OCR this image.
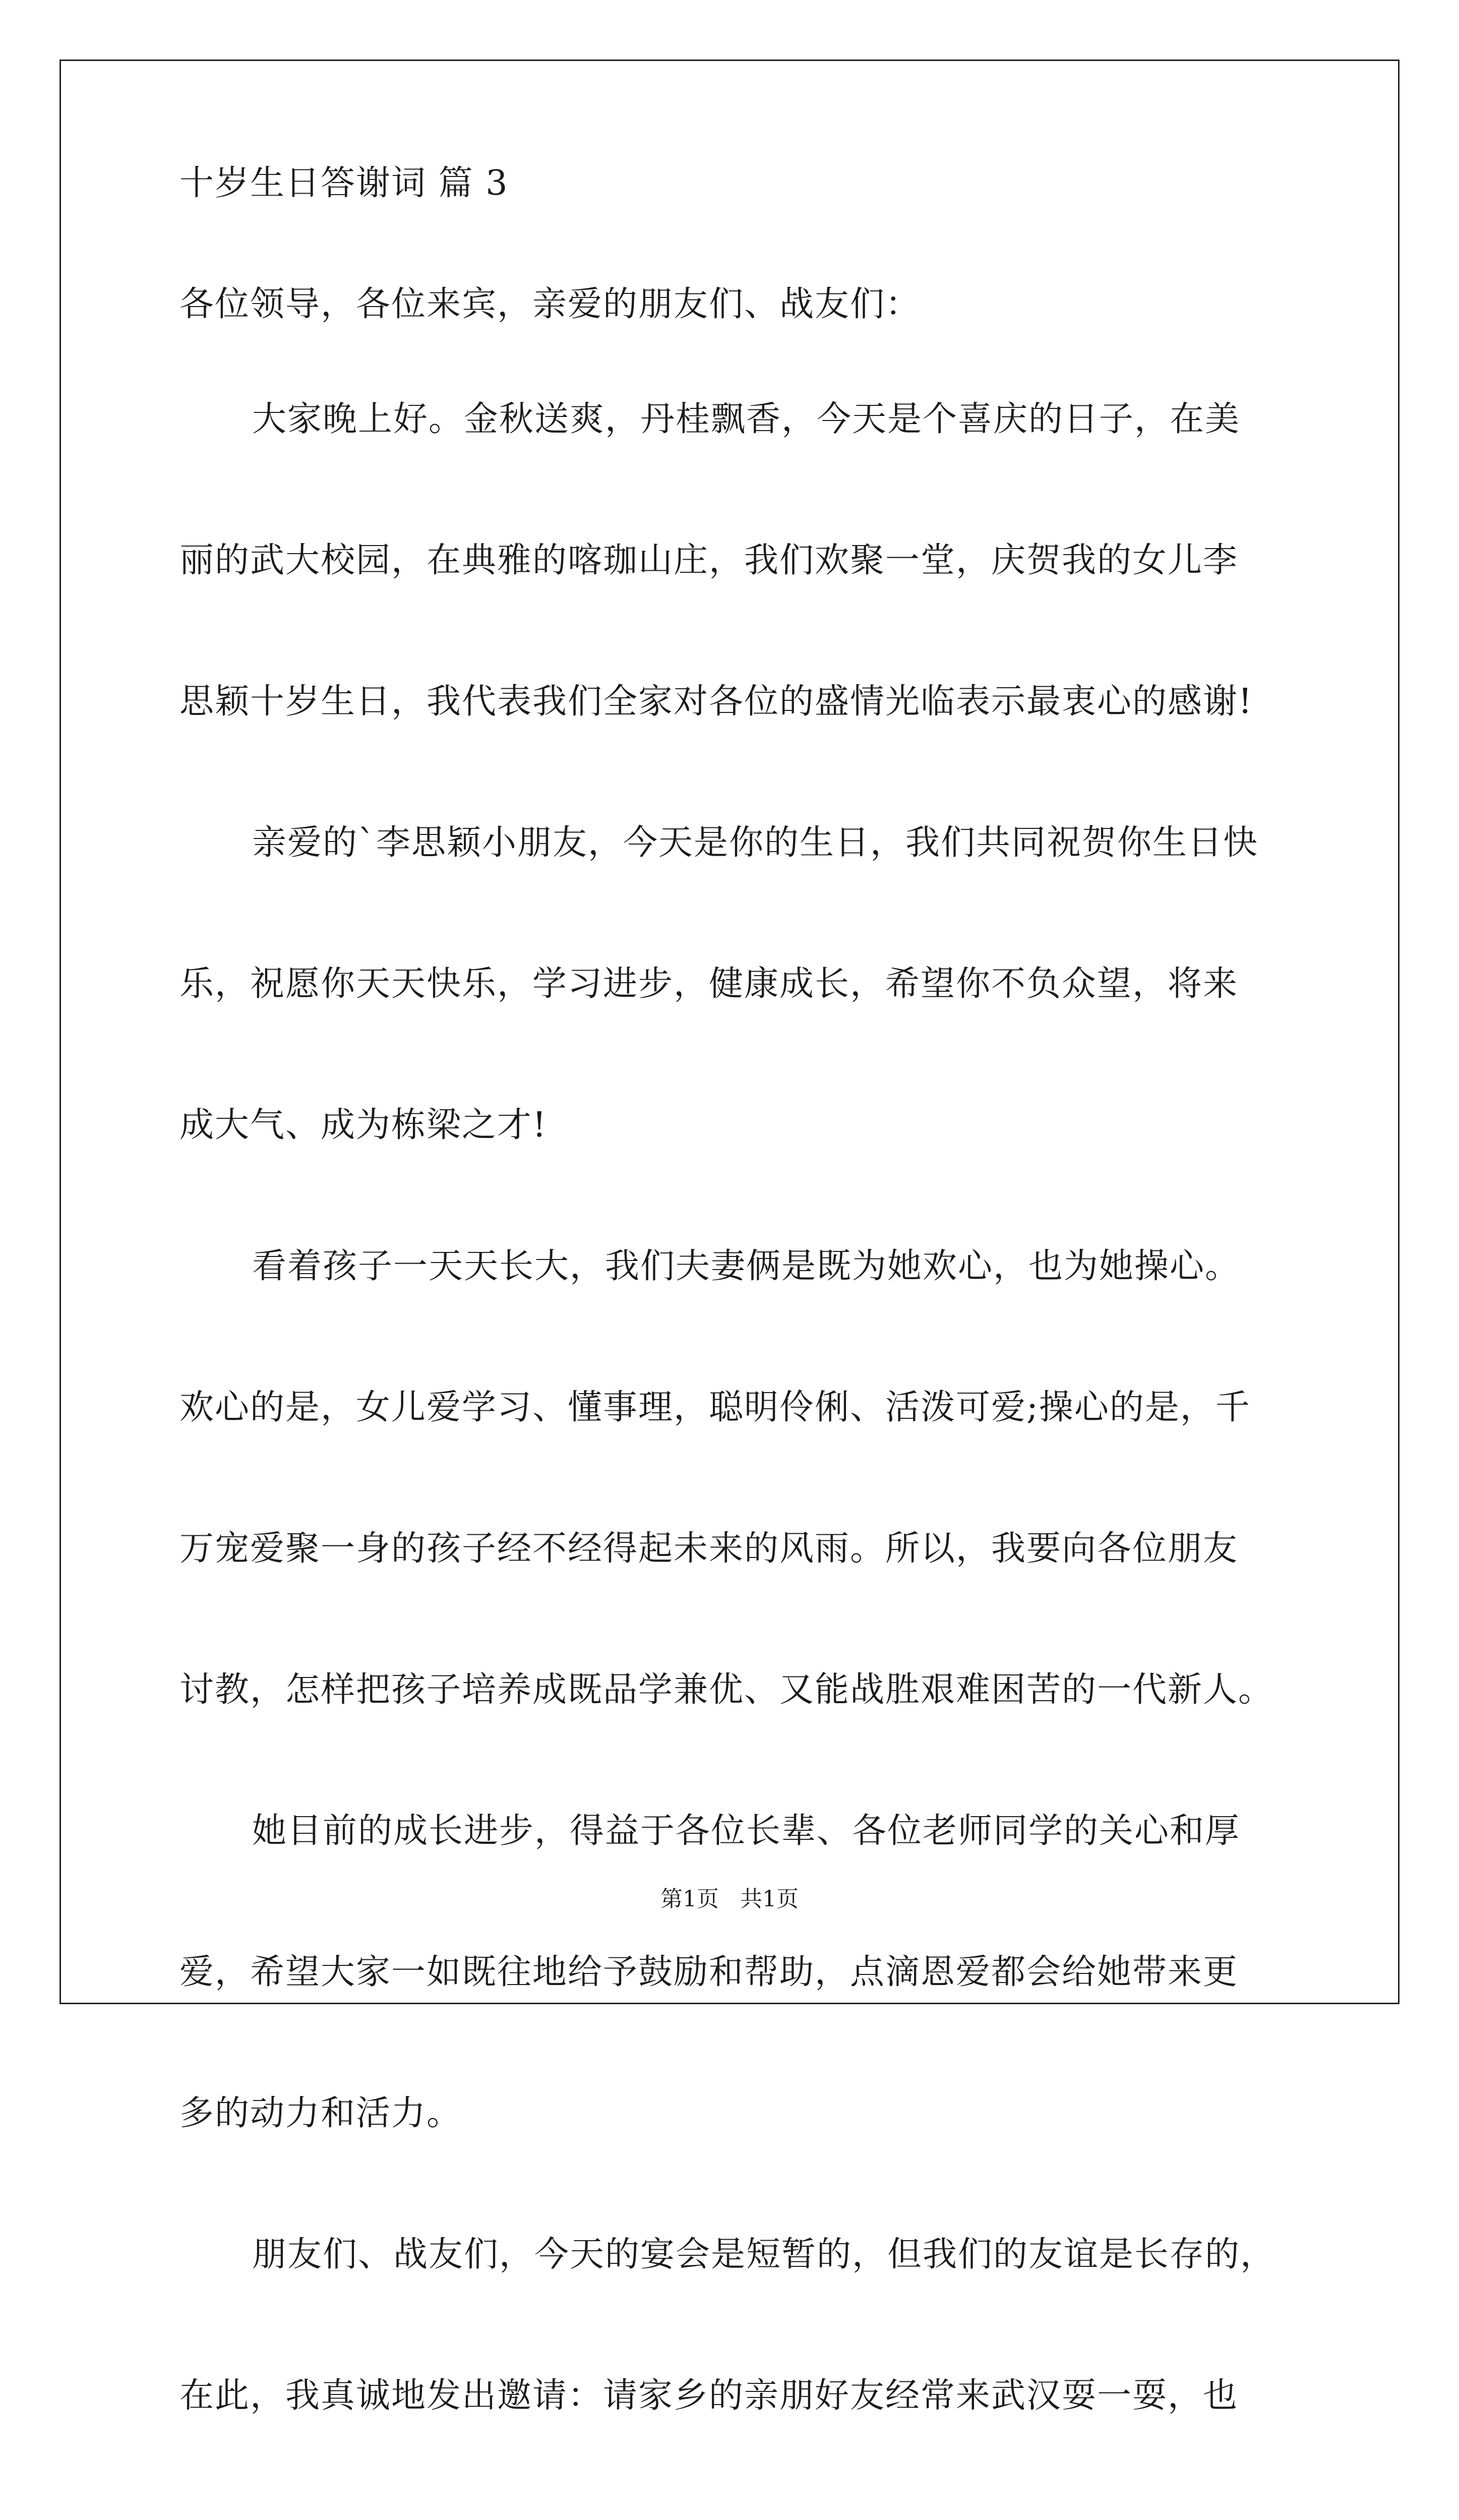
十岁生日答谢词 篇 3

各位领导，各位来宾，亲爱的朋友们、战友们：

大家晚上好。金秋送爽，丹桂飘香，今天是个喜庆的日子，在美

丽的武大校园，在典雅的喀珈山庄，我们欢聚一堂，庆贺我的女儿李

思颖十岁生日，我代表我们全家对各位的盛情光临表示最衷心的感谢!

亲爱的`李思颖小朋友，今天是你的生日，我们共同祝贺你生日快

乐，祝愿你天天快乐，学习进步，健康成长，希望你不负众望，将来

成大气、成为栋梁之才!

看着孩子一天天长大，我们夫妻俩是既为她欢心，也为她操心。

欢心的是，女儿爱学习、懂事理，聪明伶俐、活泼可爱;操心的是，千

万宠爱聚一身的孩子经不经得起未来的风雨。所以，我要向各位朋友

讨教，怎样把孩子培养成既品学兼优、又能战胜艰难困苦的一代新人。

她目前的成长进步，得益于各位长辈、各位老师同学的关心和厚

爱，希望大家一如既往地给予鼓励和帮助，点滴恩爱都会给她带来更

多的动力和活力。

朋友们、战友们，今天的宴会是短暂的，但我们的友谊是长存的，

在此，我真诚地发出邀请：请家乡的亲朋好友经常来武汉耍一耍，也

第1页   共1页
